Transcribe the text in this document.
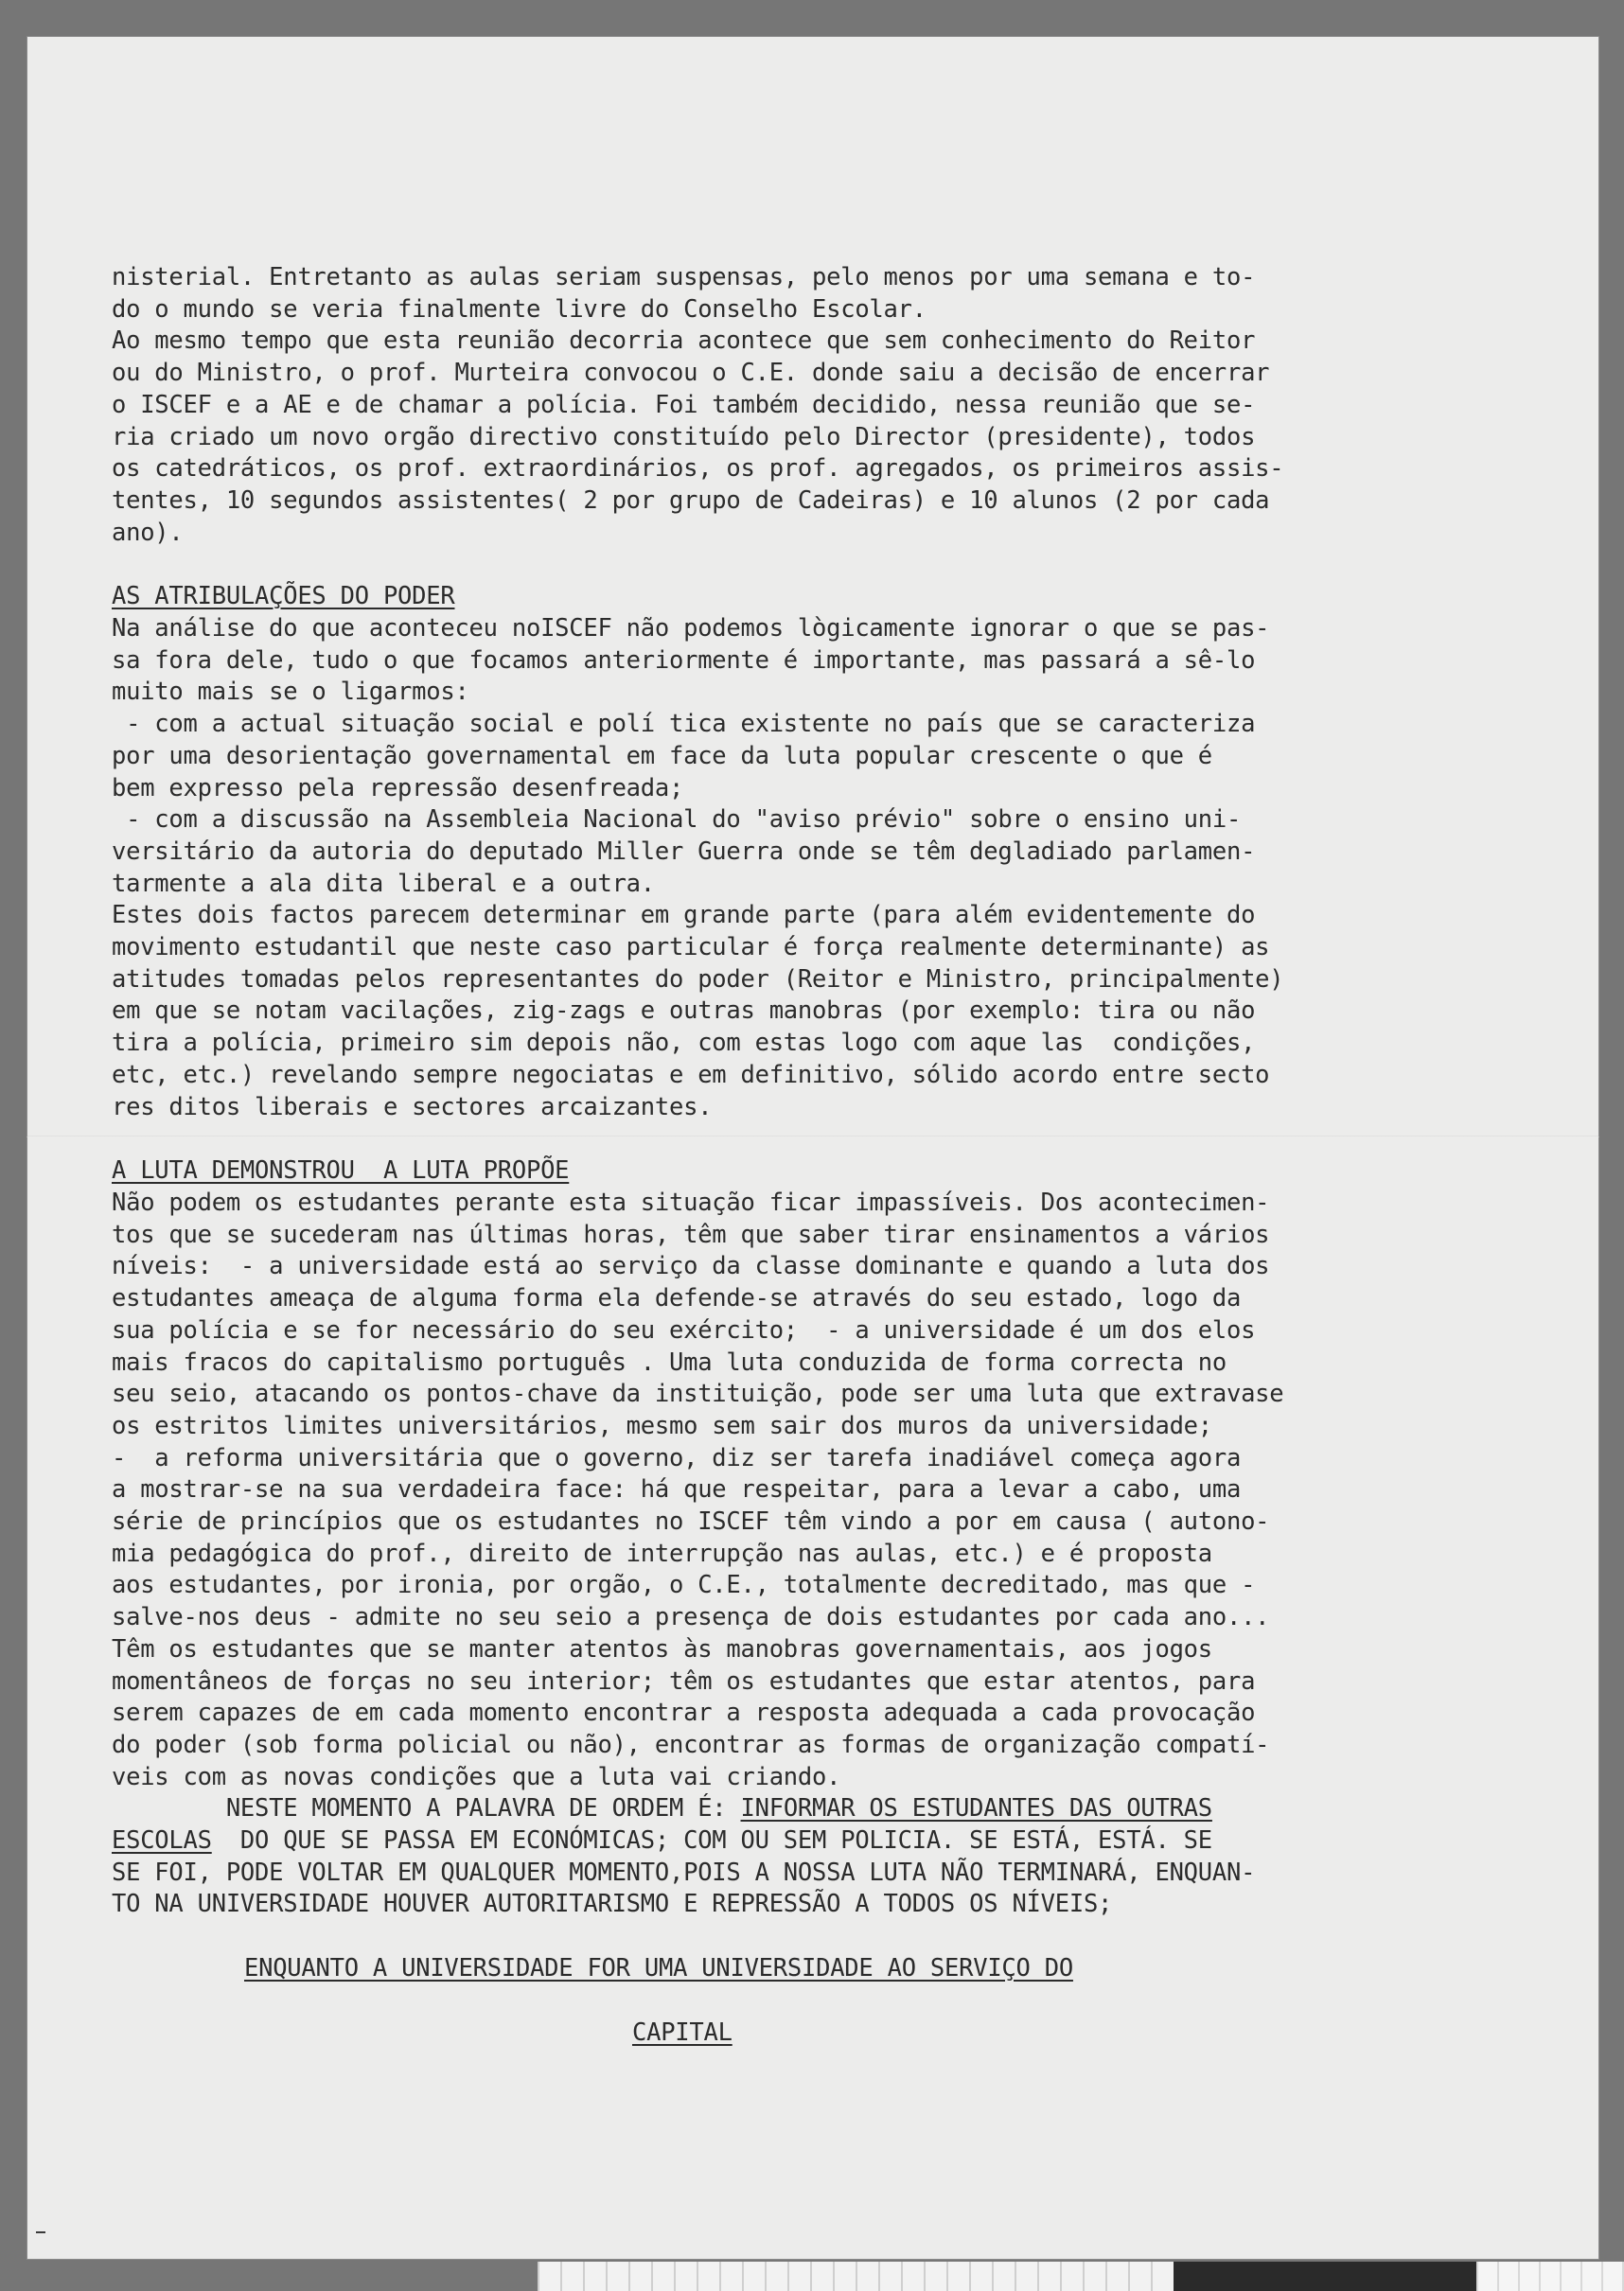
nisterial. Entretanto as aulas seriam suspensas, pelo menos por uma semana e to-

do o mundo se veria finalmente livre do Conselho Escolar.

Ao mesmo tempo que esta reunião decorria acontece que sem conhecimento do Reitor

ou do Ministro, o prof. Murteira convocou o C.E. donde saiu a decisão de encerrar

o ISCEF e a AE e de chamar a polícia. Foi também decidido, nessa reunião que se-

ria criado um novo orgão directivo constituído pelo Director (presidente), todos

os catedráticos, os prof. extraordinários, os prof. agregados, os primeiros assis-

tentes, 10 segundos assistentes( 2 por grupo de Cadeiras) e 10 alunos (2 por cada

ano).

AS ATRIBULAÇÕES DO PODER

Na análise do que aconteceu noISCEF não podemos lògicamente ignorar o que se pas-

sa fora dele, tudo o que focamos anteriormente é importante, mas passará a sê-lo

muito mais se o ligarmos:

- com a actual situação social e polí tica existente no país que se caracteriza

por uma desorientação governamental em face da luta popular crescente o que é

bem expresso pela repressão desenfreada;

- com a discussão na Assembleia Nacional do "aviso prévio" sobre o ensino uni-

versitário da autoria do deputado Miller Guerra onde se têm degladiado parlamen-

tarmente a ala dita liberal e a outra.

Estes dois factos parecem determinar em grande parte (para além evidentemente do

movimento estudantil que neste caso particular é força realmente determinante) as

atitudes tomadas pelos representantes do poder (Reitor e Ministro, principalmente)

em que se notam vacilações, zig-zags e outras manobras (por exemplo: tira ou não

tira a polícia, primeiro sim depois não, com estas logo com aque las  condições,

etc, etc.) revelando sempre negociatas e em definitivo, sólido acordo entre secto

res ditos liberais e sectores arcaizantes.

A LUTA DEMONSTROU  A LUTA PROPÕE

Não podem os estudantes perante esta situação ficar impassíveis. Dos acontecimen-

tos que se sucederam nas últimas horas, têm que saber tirar ensinamentos a vários

níveis:  - a universidade está ao serviço da classe dominante e quando a luta dos

estudantes ameaça de alguma forma ela defende-se através do seu estado, logo da

sua polícia e se for necessário do seu exército;  - a universidade é um dos elos

mais fracos do capitalismo português . Uma luta conduzida de forma correcta no

seu seio, atacando os pontos-chave da instituição, pode ser uma luta que extravase

os estritos limites universitários, mesmo sem sair dos muros da universidade;

-  a reforma universitária que o governo, diz ser tarefa inadiável começa agora

a mostrar-se na sua verdadeira face: há que respeitar, para a levar a cabo, uma

série de princípios que os estudantes no ISCEF têm vindo a por em causa ( autono-

mia pedagógica do prof., direito de interrupção nas aulas, etc.) e é proposta

aos estudantes, por ironia, por orgão, o C.E., totalmente decreditado, mas que -

salve-nos deus - admite no seu seio a presença de dois estudantes por cada ano...

Têm os estudantes que se manter atentos às manobras governamentais, aos jogos

momentâneos de forças no seu interior; têm os estudantes que estar atentos, para

serem capazes de em cada momento encontrar a resposta adequada a cada provocação

do poder (sob forma policial ou não), encontrar as formas de organização compatí-

veis com as novas condições que a luta vai criando.

NESTE MOMENTO A PALAVRA DE ORDEM É: INFORMAR OS ESTUDANTES DAS OUTRAS

ESCOLAS  DO QUE SE PASSA EM ECONÓMICAS; COM OU SEM POLICIA. SE ESTÁ, ESTÁ. SE

SE FOI, PODE VOLTAR EM QUALQUER MOMENTO,POIS A NOSSA LUTA NÃO TERMINARÁ, ENQUAN-

TO NA UNIVERSIDADE HOUVER AUTORITARISMO E REPRESSÃO A TODOS OS NÍVEIS;

ENQUANTO A UNIVERSIDADE FOR UMA UNIVERSIDADE AO SERVIÇO DO

CAPITAL
